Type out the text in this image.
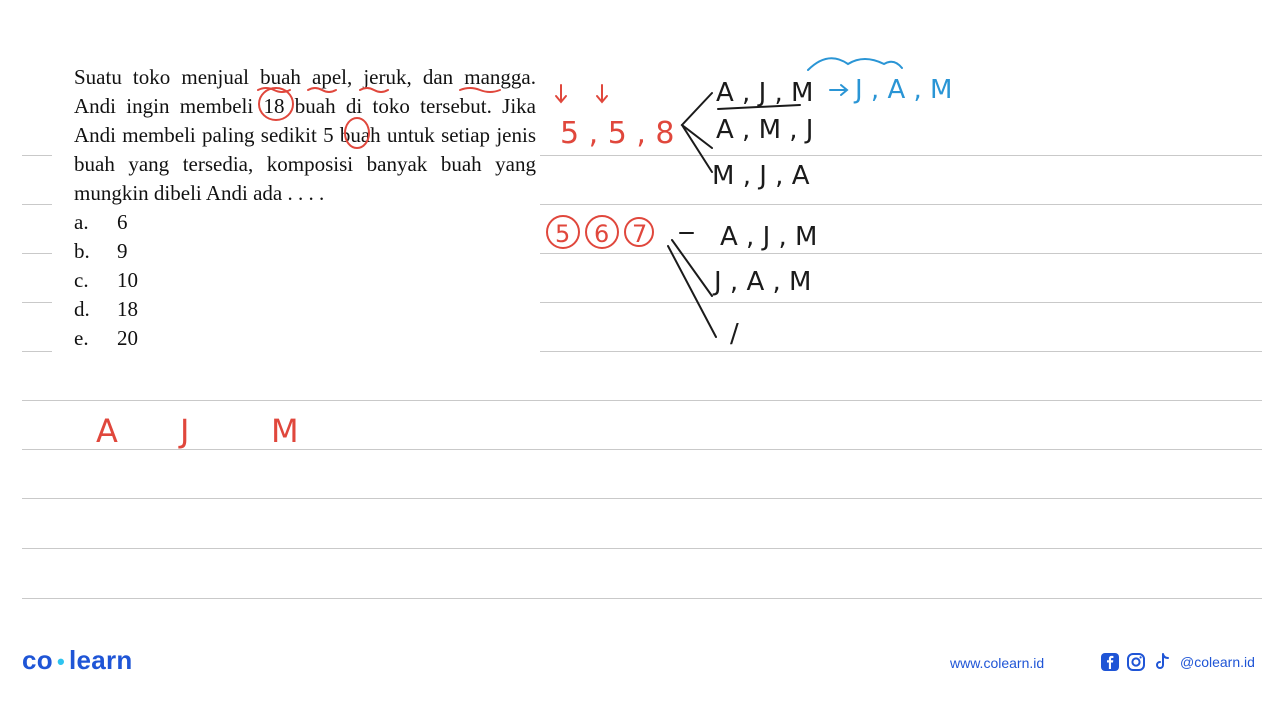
Suatu toko menjual buah apel, jeruk, dan mangga. Andi ingin membeli 18 buah di toko tersebut. Jika Andi membeli paling sedikit 5 buah untuk setiap jenis buah yang tersedia, komposisi banyak buah yang mungkin dibeli Andi ada . . . .

a.	6
b.	9
c.	10
d.	18
e.	20
5 , 5 , 8
5 6 7
A J	M
A , J , M
A , M , J
M , J , A
A , J , M
J , A , M
/
J , A , M
co • learn	www.colearn.id	@colearn.id
